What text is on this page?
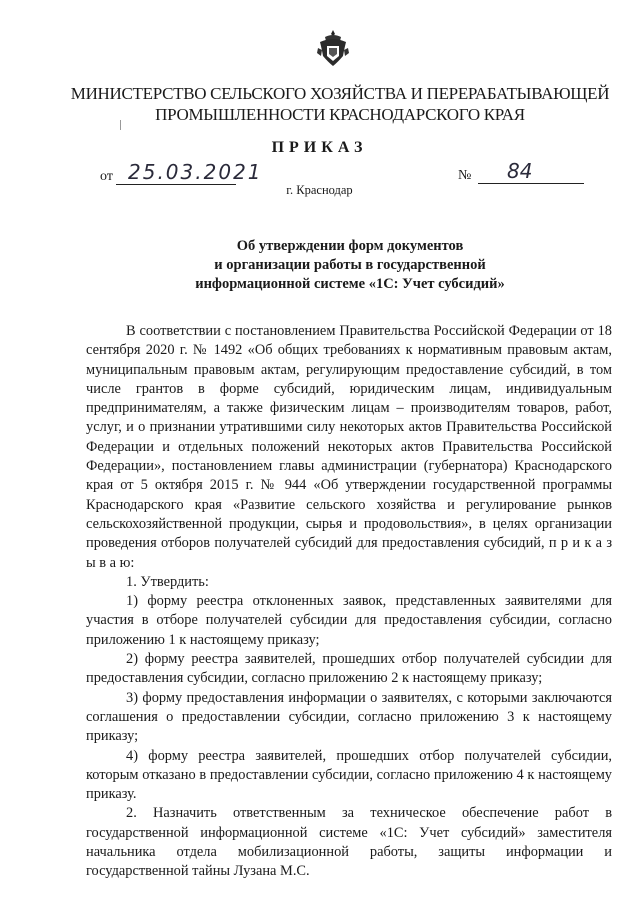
МИНИСТЕРСТВО СЕЛЬСКОГО ХОЗЯЙСТВА И ПЕРЕРАБАТЫВАЮЩЕЙ
ПРОМЫШЛЕННОСТИ КРАСНОДАРСКОГО КРАЯ
ПРИКАЗ
от 25.03.2021	№ 84
г. Краснодар
Об утверждении форм документов
и организации работы в государственной
информационной системе «1С: Учет субсидий»

В соответствии с постановлением Правительства Российской Федерации от 18 сентября 2020 г. № 1492 «Об общих требованиях к нормативным правовым актам, муниципальным правовым актам, регулирующим предоставление субсидий, в том числе грантов в форме субсидий, юридическим лицам, индивидуальным предпринимателям, а также физическим лицам – производителям товаров, работ, услуг, и о признании утратившими силу некоторых актов Правительства Российской Федерации и отдельных положений некоторых актов Правительства Российской Федерации», постановлением главы администрации (губернатора) Краснодарского края от 5 октября 2015 г. № 944 «Об утверждении государственной программы Краснодарского края «Развитие сельского хозяйства и регулирование рынков сельскохозяйственной продукции, сырья и продовольствия», в целях организации проведения отборов получателей субсидий для предоставления субсидий, п р и к а з ы в а ю:

1. Утвердить:

1) форму реестра отклоненных заявок, представленных заявителями для участия в отборе получателей субсидии для предоставления субсидии, согласно приложению 1 к настоящему приказу;

2) форму реестра заявителей, прошедших отбор получателей субсидии для предоставления субсидии, согласно приложению 2 к настоящему приказу;

3) форму предоставления информации о заявителях, с которыми заключаются соглашения о предоставлении субсидии, согласно приложению 3 к настоящему приказу;

4) форму реестра заявителей, прошедших отбор получателей субсидии, которым отказано в предоставлении субсидии, согласно приложению 4 к настоящему приказу.

2. Назначить ответственным за техническое обеспечение работ в государственной информационной системе «1С: Учет субсидий» заместителя начальника отдела мобилизационной работы, защиты информации и государственной тайны Лузана М.С.
